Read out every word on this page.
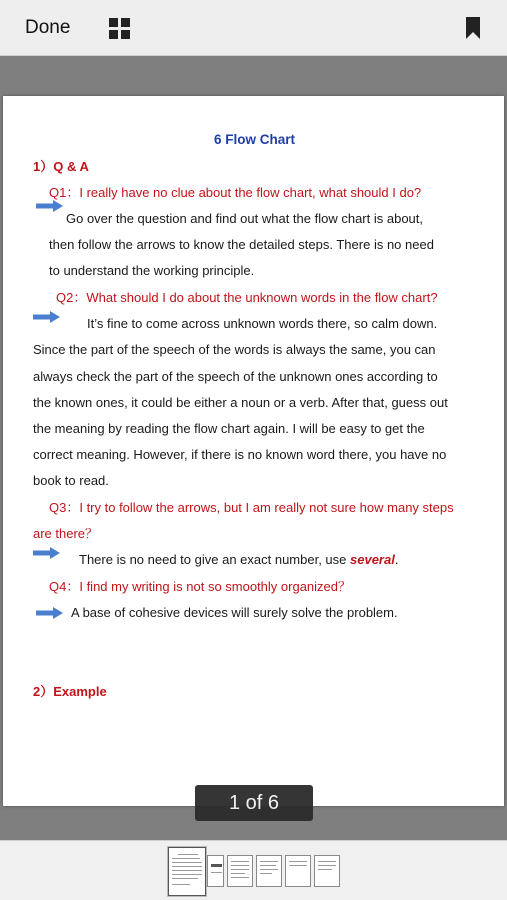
Done
6 Flow Chart
1）Q & A
Q1：I really have no clue about the flow chart, what should I do?
Go over the question and find out what the flow chart is about,
then follow the arrows to know the detailed steps. There is no need
to understand the working principle.
Q2：What should I do about the unknown words in the flow chart?
It’s fine to come across unknown words there, so calm down.
Since the part of the speech of the words is always the same, you can
always check the part of the speech of the unknown ones according to
the known ones, it could be either a noun or a verb. After that, guess out
the meaning by reading the flow chart again. I will be easy to get the
correct meaning. However, if there is no known word there, you have no
book to read.
Q3：I try to follow the arrows, but I am really not sure how many steps
are there？
There is no need to give an exact number, use several.
Q4：I find my writing is not so smoothly organized？
A base of cohesive devices will surely solve the problem.
2）Example
1 of 6
